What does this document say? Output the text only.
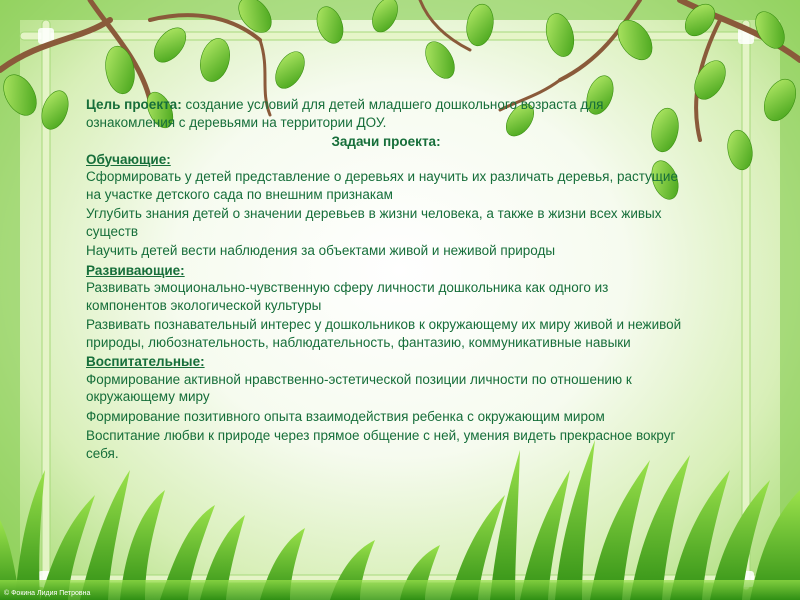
Цель проекта: создание условий для детей младшего дошкольного возраста для ознакомления с деревьями на территории ДОУ.

Задачи проекта:

Обучающие:

Сформировать у детей представление о деревьях и научить их различать деревья, растущие на участке детского сада по внешним признакам

Углубить знания детей о значении деревьев в жизни человека, а также в жизни всех живых существ

Научить детей вести наблюдения за объектами живой и неживой природы

Развивающие:

Развивать эмоционально-чувственную сферу личности дошкольника как одного из компонентов экологической культуры

Развивать познавательный интерес у дошкольников к окружающему их миру живой и неживой природы, любознательность, наблюдательность, фантазию, коммуникативные навыки

Воспитательные:

Формирование активной нравственно-эстетической позиции личности по отношению к окружающему миру

Формирование позитивного опыта взаимодействия ребенка с окружающим миром

Воспитание любви к природе через прямое общение с ней, умения видеть прекрасное вокруг себя.

© Фокина Лидия Петровна
